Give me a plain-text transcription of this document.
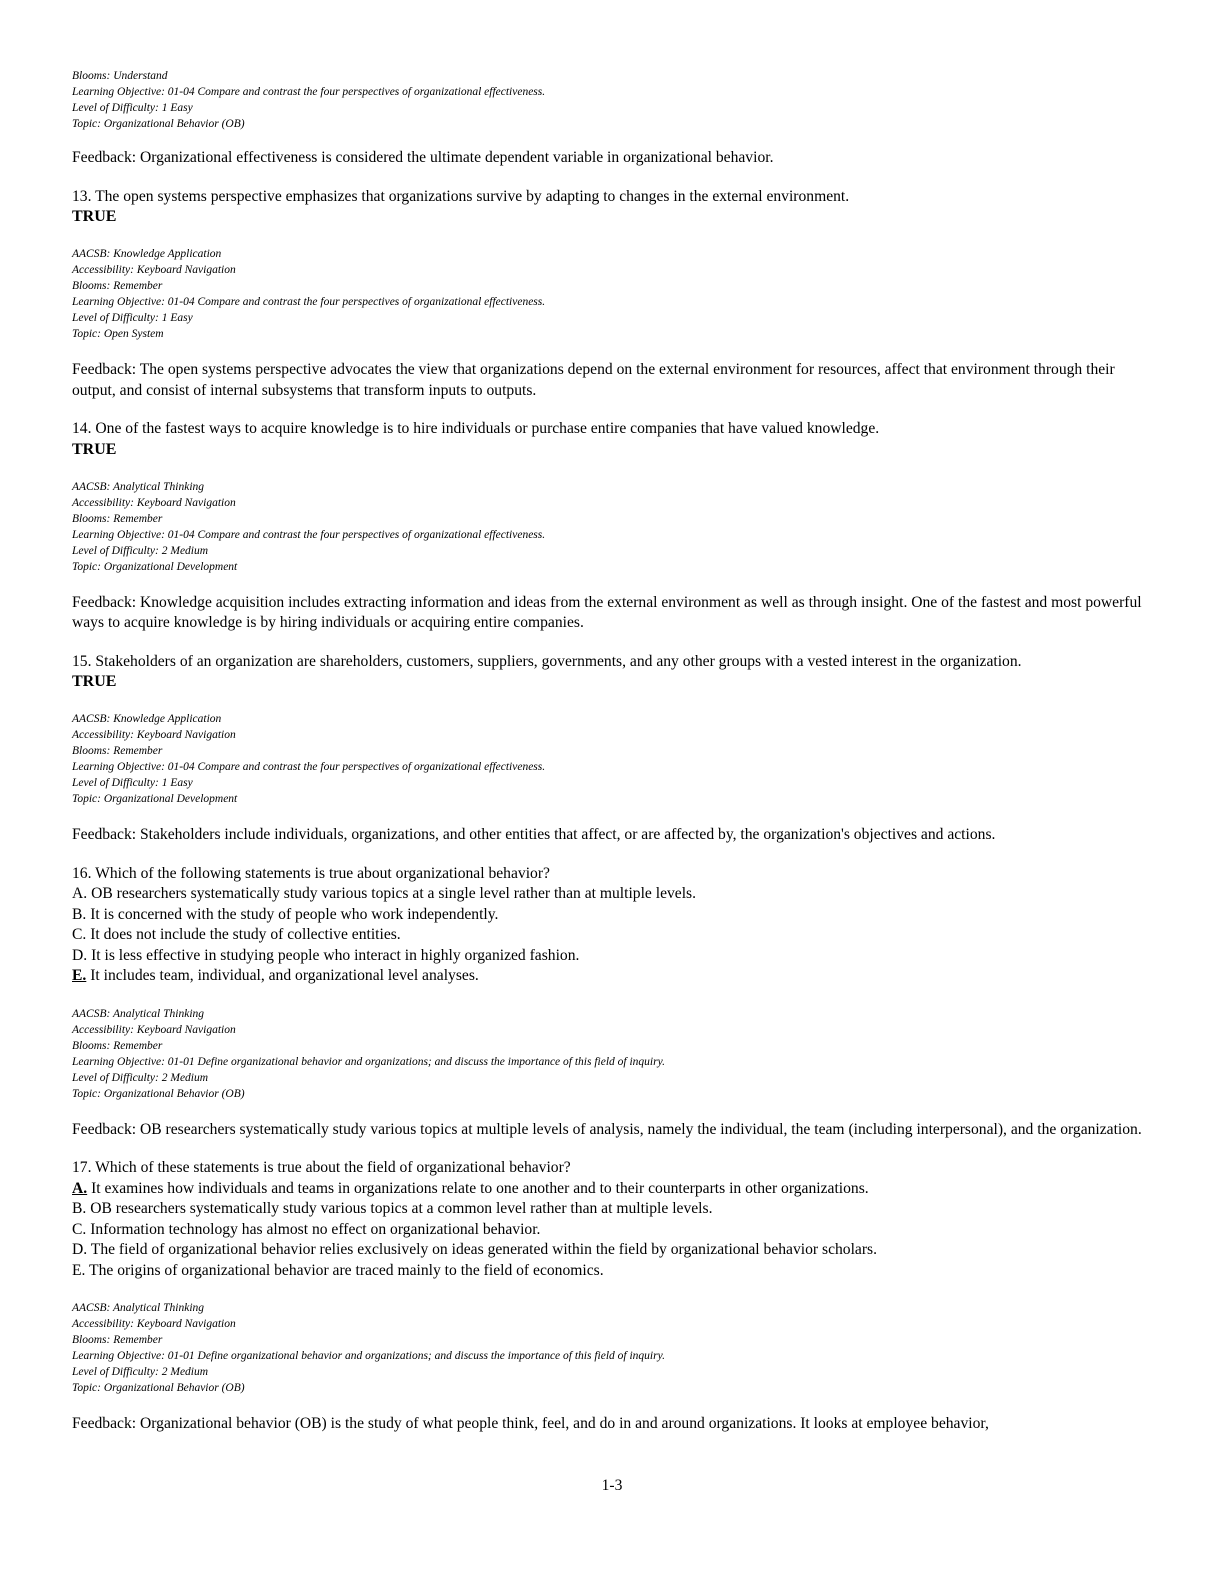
Blooms: Understand
Learning Objective: 01-04 Compare and contrast the four perspectives of organizational effectiveness.
Level of Difficulty: 1 Easy
Topic: Organizational Behavior (OB)
Feedback: Organizational effectiveness is considered the ultimate dependent variable in organizational behavior.
13. The open systems perspective emphasizes that organizations survive by adapting to changes in the external environment.
TRUE
AACSB: Knowledge Application
Accessibility: Keyboard Navigation
Blooms: Remember
Learning Objective: 01-04 Compare and contrast the four perspectives of organizational effectiveness.
Level of Difficulty: 1 Easy
Topic: Open System
Feedback: The open systems perspective advocates the view that organizations depend on the external environment for resources, affect that environment through their output, and consist of internal subsystems that transform inputs to outputs.
14. One of the fastest ways to acquire knowledge is to hire individuals or purchase entire companies that have valued knowledge.
TRUE
AACSB: Analytical Thinking
Accessibility: Keyboard Navigation
Blooms: Remember
Learning Objective: 01-04 Compare and contrast the four perspectives of organizational effectiveness.
Level of Difficulty: 2 Medium
Topic: Organizational Development
Feedback: Knowledge acquisition includes extracting information and ideas from the external environment as well as through insight. One of the fastest and most powerful ways to acquire knowledge is by hiring individuals or acquiring entire companies.
15. Stakeholders of an organization are shareholders, customers, suppliers, governments, and any other groups with a vested interest in the organization.
TRUE
AACSB: Knowledge Application
Accessibility: Keyboard Navigation
Blooms: Remember
Learning Objective: 01-04 Compare and contrast the four perspectives of organizational effectiveness.
Level of Difficulty: 1 Easy
Topic: Organizational Development
Feedback: Stakeholders include individuals, organizations, and other entities that affect, or are affected by, the organization's objectives and actions.
16. Which of the following statements is true about organizational behavior?
A. OB researchers systematically study various topics at a single level rather than at multiple levels.
B. It is concerned with the study of people who work independently.
C. It does not include the study of collective entities.
D. It is less effective in studying people who interact in highly organized fashion.
E. It includes team, individual, and organizational level analyses.
AACSB: Analytical Thinking
Accessibility: Keyboard Navigation
Blooms: Remember
Learning Objective: 01-01 Define organizational behavior and organizations; and discuss the importance of this field of inquiry.
Level of Difficulty: 2 Medium
Topic: Organizational Behavior (OB)
Feedback: OB researchers systematically study various topics at multiple levels of analysis, namely the individual, the team (including interpersonal), and the organization.
17. Which of these statements is true about the field of organizational behavior?
A. It examines how individuals and teams in organizations relate to one another and to their counterparts in other organizations.
B. OB researchers systematically study various topics at a common level rather than at multiple levels.
C. Information technology has almost no effect on organizational behavior.
D. The field of organizational behavior relies exclusively on ideas generated within the field by organizational behavior scholars.
E. The origins of organizational behavior are traced mainly to the field of economics.
AACSB: Analytical Thinking
Accessibility: Keyboard Navigation
Blooms: Remember
Learning Objective: 01-01 Define organizational behavior and organizations; and discuss the importance of this field of inquiry.
Level of Difficulty: 2 Medium
Topic: Organizational Behavior (OB)
Feedback: Organizational behavior (OB) is the study of what people think, feel, and do in and around organizations. It looks at employee behavior,
1-3
